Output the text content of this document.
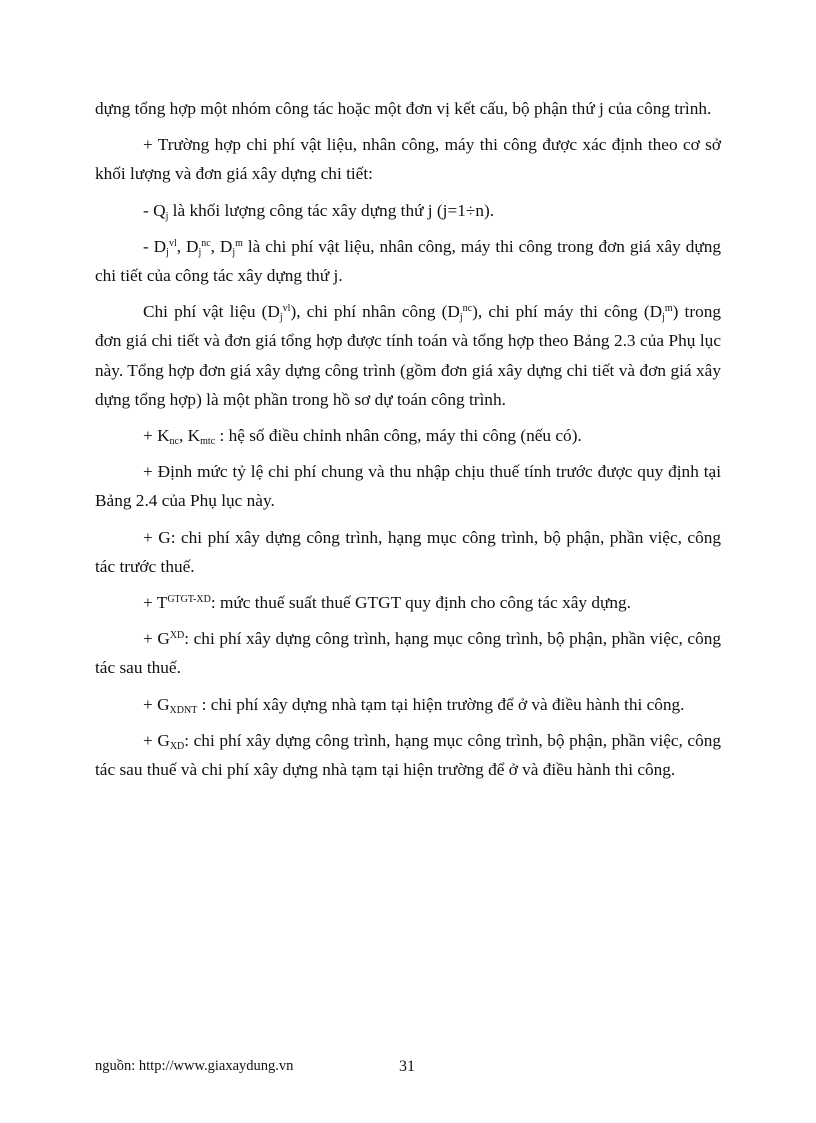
dựng tổng hợp một nhóm công tác hoặc một đơn vị kết cấu, bộ phận thứ j của công trình.

+ Trường hợp chi phí vật liệu, nhân công, máy thi công được xác định theo cơ sở khối lượng và đơn giá xây dựng chi tiết:

- $Q_j$ là khối lượng công tác xây dựng thứ j (j=1÷n).

- $D_j^{vl}$, $D_j^{nc}$, $D_j^m$ là chi phí vật liệu, nhân công, máy thi công trong đơn giá xây dựng chi tiết của công tác xây dựng thứ j.

Chi phí vật liệu $(D_j^{vl})$, chi phí nhân công $(D_j^{nc})$, chi phí máy thi công $(D_j^m)$ trong đơn giá chi tiết và đơn giá tổng hợp được tính toán và tổng hợp theo Bảng 2.3 của Phụ lục này. Tổng hợp đơn giá xây dựng công trình (gồm đơn giá xây dựng chi tiết và đơn giá xây dựng tổng hợp) là một phần trong hồ sơ dự toán công trình.

+ $K_{nc}$, $K_{mtc}$ : hệ số điều chỉnh nhân công, máy thi công (nếu có).

+ Định mức tỷ lệ chi phí chung và thu nhập chịu thuế tính trước được quy định tại Bảng 2.4 của Phụ lục này.

+ G: chi phí xây dựng công trình, hạng mục công trình, bộ phận, phần việc, công tác trước thuế.

+ $T^{GTGT-XD}$: mức thuế suất thuế GTGT quy định cho công tác xây dựng.

+ $G^{XD}$: chi phí xây dựng công trình, hạng mục công trình, bộ phận, phần việc, công tác sau thuế.

+ $G_{XDNT}$ : chi phí xây dựng nhà tạm tại hiện trường để ở và điều hành thi công.

+ $G_{XD}$: chi phí xây dựng công trình, hạng mục công trình, bộ phận, phần việc, công tác sau thuế và chi phí xây dựng nhà tạm tại hiện trường để ở và điều hành thi công.

nguồn: http://www.giaxaydung.vn	31
